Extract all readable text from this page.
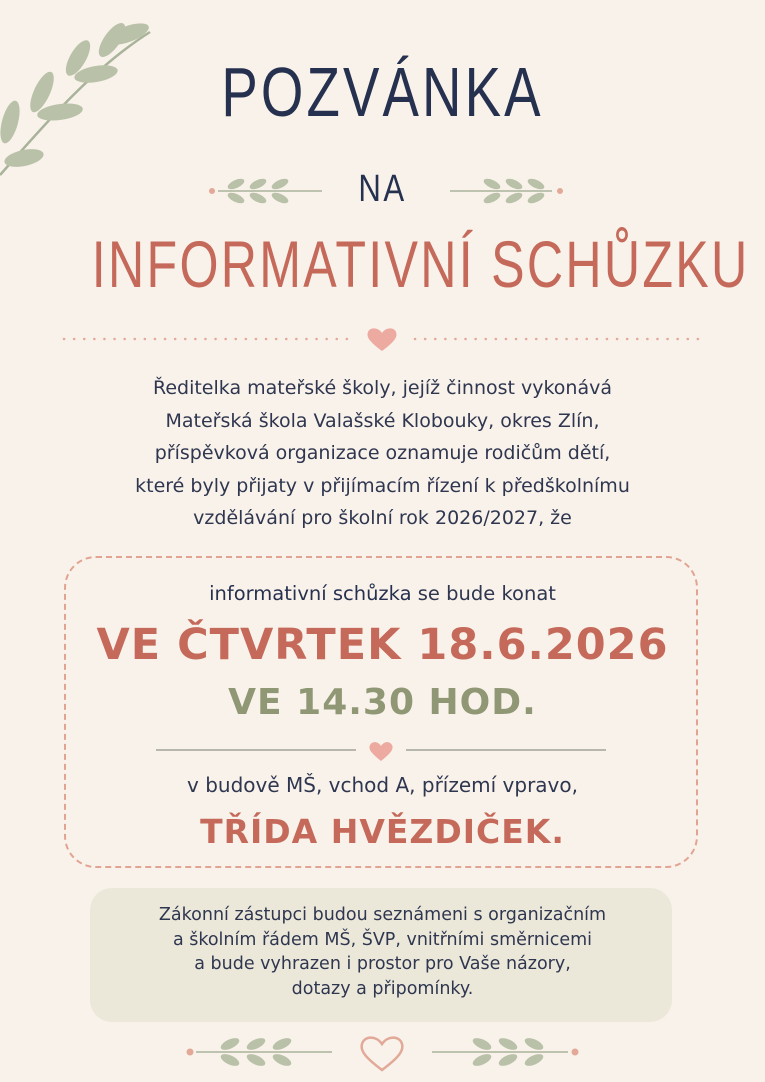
POZVÁNKA
NA
INFORMATIVNÍ SCHŮZKU
Ředitelka mateřské školy, jejíž činnost vykonává
Mateřská škola Valašské Klobouky, okres Zlín,
příspěvková organizace oznamuje rodičům dětí,
které byly přijaty v přijímacím řízení k předškolnímu
vzdělávání pro školní rok 2026/2027, že
informativní schůzka se bude konat
VE ČTVRTEK 18.6.2026
VE 14.30 HOD.
v budově MŠ, vchod A, přízemí vpravo,
TŘÍDA HVĚZDIČEK.
Zákonní zástupci budou seznámeni s organizačním
a školním řádem MŠ, ŠVP, vnitřními směrnicemi
a bude vyhrazen i prostor pro Vaše názory,
dotazy a připomínky.
